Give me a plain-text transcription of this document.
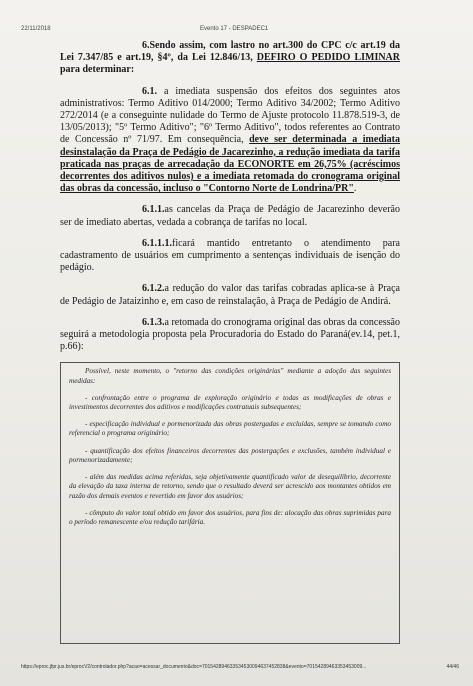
22/11/2018	Evento 17 - DESPADEC1

6.Sendo assim, com lastro no art.300 do CPC c/c art.19 da Lei 7.347/85 e art.19, §4º, da Lei 12.846/13, DEFIRO O PEDIDO LIMINAR para determinar:

6.1. a imediata suspensão dos efeitos dos seguintes atos administrativos: Termo Aditivo 014/2000; Termo Aditivo 34/2002; Termo Aditivo 272/2014 (e a conseguinte nulidade do Termo de Ajuste protocolo 11.878.519-3, de 13/05/2013); "5º Termo Aditivo"; "6º Termo Aditivo", todos referentes ao Contrato de Concessão nº 71/97. Em consequência, deve ser determinada a imediata desinstalação da Praça de Pedágio de Jacarezinho, a redução imediata da tarifa praticada nas praças de arrecadação da ECONORTE em 26,75% (acréscimos decorrentes dos aditivos nulos) e a imediata retomada do cronograma original das obras da concessão, incluso o "Contorno Norte de Londrina/PR".

6.1.1.as cancelas da Praça de Pedágio de Jacarezinho deverão ser de imediato abertas, vedada a cobrança de tarifas no local.

6.1.1.1.ficará mantido entretanto o atendimento para cadastramento de usuários em cumprimento a sentenças individuais de isenção do pedágio.

6.1.2.a redução do valor das tarifas cobradas aplica-se à Praça de Pedágio de Jataizinho e, em caso de reinstalação, à Praça de Pedágio de Andirá.

6.1.3.a retomada do cronograma original das obras da concessão seguirá a metodologia proposta pela Procuradoria do Estado do Paraná(ev.14, pet.1, p.66):

Possível, neste momento, o "retorno das condições originárias" mediante a adoção das seguintes medidas:

- confrontação entre o programa de exploração originário e todas as modificações de obras e investimentos decorrentes dos aditivos e modificações contratuais subsequentes;

- especificação individual e pormenorizada das obras postergadas e excluídas, sempre se tomando como referencial o programa originário;

- quantificação dos efeitos financeiros decorrentes das postergações e exclusões, também individual e pormenorizadamente;

- além das medidas acima referidas, seja objetivamente quantificado valor de desequilíbrio, decorrente da elevação da taxa interna de retorno, sendo que o resultado deverá ser acrescido aos montantes obtidos em razão dos demais eventos e revertido em favor dos usuários;

- cômputo do valor total obtido em favor dos usuários, para fins de: alocação das obras suprimidas para o período remanescente e/ou redução tarifária.

https://eproc.jfpr.jus.br/eprocV2/controlador.php?acao=acessar_documento&doc=701542894633534530094637452838&evento=70154289463353453009...	44/46
